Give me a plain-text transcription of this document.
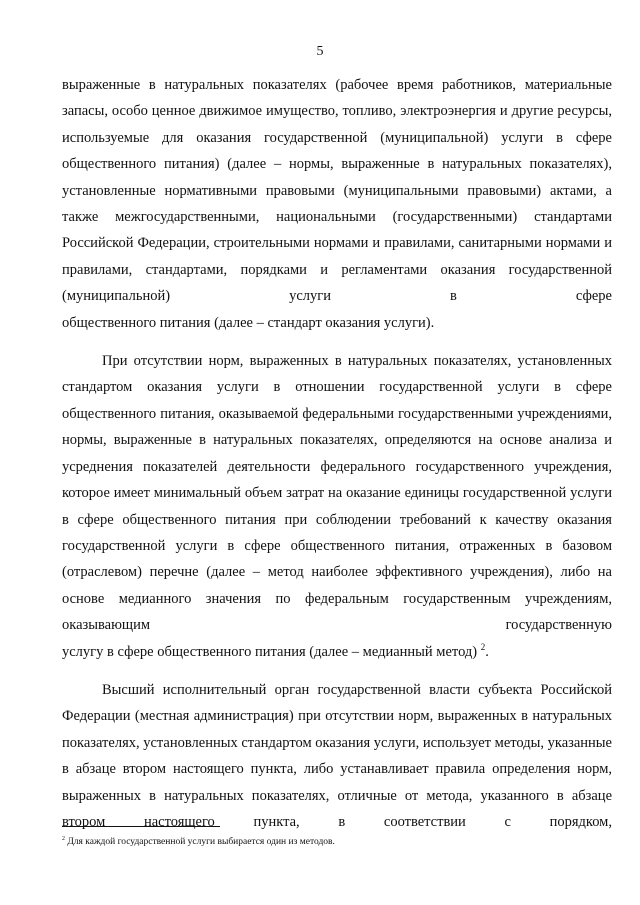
5

выраженные в натуральных показателях (рабочее время работников, материальные запасы, особо ценное движимое имущество, топливо, электроэнергия и другие ресурсы, используемые для оказания государственной (муниципальной) услуги в сфере общественного питания) (далее – нормы, выраженные в натуральных показателях), установленные нормативными правовыми (муниципальными правовыми) актами, а также межгосударственными, национальными (государственными) стандартами Российской Федерации, строительными нормами и правилами, санитарными нормами и правилами, стандартами, порядками и регламентами оказания государственной (муниципальной) услуги в сфере

общественного питания (далее – стандарт оказания услуги).

При отсутствии норм, выраженных в натуральных показателях, установленных стандартом оказания услуги в отношении государственной услуги в сфере общественного питания, оказываемой федеральными государственными учреждениями, нормы, выраженные в натуральных показателях, определяются на основе анализа и усреднения показателей деятельности федерального государственного учреждения, которое имеет минимальный объем затрат на оказание единицы государственной услуги в сфере общественного питания при соблюдении требований к качеству оказания государственной услуги в сфере общественного питания, отраженных в базовом (отраслевом) перечне (далее – метод наиболее эффективного учреждения), либо на основе медианного значения по федеральным государственным учреждениям, оказывающим государственную

услугу в сфере общественного питания (далее – медианный метод) $^2$.

Высший исполнительный орган государственной власти субъекта Российской Федерации (местная администрация) при отсутствии норм, выраженных в натуральных показателях, установленных стандартом оказания услуги, использует методы, указанные в абзаце втором настоящего пункта, либо устанавливает правила определения норм, выраженных в натуральных показателях, отличные от метода, указанного в абзаце втором настоящего пункта, в соответствии с порядком,

$^2$ Для каждой государственной услуги выбирается один из методов.
